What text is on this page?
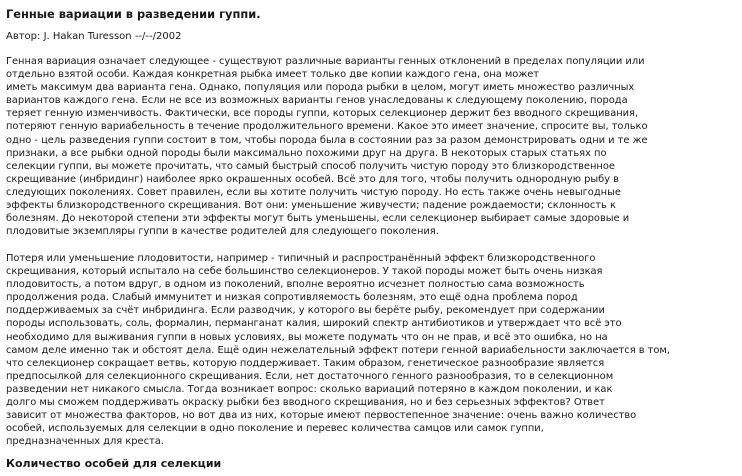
Генные вариации в разведении гуппи.

Автор: J. Hakan Turesson --/--/2002

Генная вариация означает следующее - существуют различные варианты генных отклонений в пределах популяции или
отдельно взятой особи. Каждая конкретная рыбка имеет только две копии каждого гена, она может
иметь максимум два варианта гена. Однако, популяция или порода рыбки в целом, могут иметь множество различных
вариантов каждого гена. Если не все из возможных варианты генов унаследованы к следующему поколению, порода
теряет генную изменчивость. Фактически, все породы гуппи, которых селекционер держит без вводного скрещивания,
потеряют генную вариабельность в течение продолжительного времени. Какое это имеет значение, спросите вы, только
одно - цель разведения гуппи состоит в том, чтобы порода была в состоянии раз за разом демонстрировать одни и те же
признаки, а все рыбки одной породы были максимально похожими друг на друга. В некоторых старых статьях по
селекции гуппи, вы можете прочитать, что самый быстрый способ получить чистую породу это близкородственное
скрещивание (инбридинг) наиболее ярко окрашенных особей. Всё это для того, чтобы получить однородную рыбу в
следующих поколениях. Совет правилен, если вы хотите получить чистую породу. Но есть также очень невыгодные
эффекты близкородственного скрещивания. Вот они: уменьшение живучести; падение рождаемости; склонность к
болезням. До некоторой степени эти эффекты могут быть уменьшены, если селекционер выбирает самые здоровые и
плодовитые экземпляры гуппи в качестве родителей для следующего поколения.

Потеря или уменьшение плодовитости, например - типичный и распространённый эффект близкородственного
скрещивания, который испытало на себе большинство селекционеров. У такой породы может быть очень низкая
плодовитость, а потом вдруг, в одном из поколений, вполне вероятно исчезнет полностью сама возможность
продолжения рода. Слабый иммунитет и низкая сопротивляемость болезням, это ещё одна проблема пород
поддерживаемых за счёт инбридинга. Если разводчик, у которого вы берёте рыбу, рекомендует при содержании
породы использовать, соль, формалин, перманганат калия, широкий спектр антибиотиков и утверждает что всё это
необходимо для выживания гуппи в новых условиях, вы можете подумать что он не прав, и всё это ошибка, но на
самом деле именно так и обстоят дела. Ещё один нежелательный эффект потери генной вариабельности заключается в том,
что селекционер сокращает ветвь, которую поддерживает. Таким образом, генетическое разнообразие является
предпосылкой для селекционного скрещивания. Если, нет достаточного генного разнообразия, то в селекционном
разведении нет никакого смысла. Тогда возникает вопрос: сколько вариаций потеряно в каждом поколении, и как
долго мы сможем поддерживать окраску рыбки без вводного скрещивания, но и без серьезных эффектов? Ответ
зависит от множества факторов, но вот два из них, которые имеют первостепенное значение: очень важно количество
особей, используемых для селекции в одно поколение и перевес количества самцов или самок гуппи,
предназначенных для креста.

Количество особей для селекции
